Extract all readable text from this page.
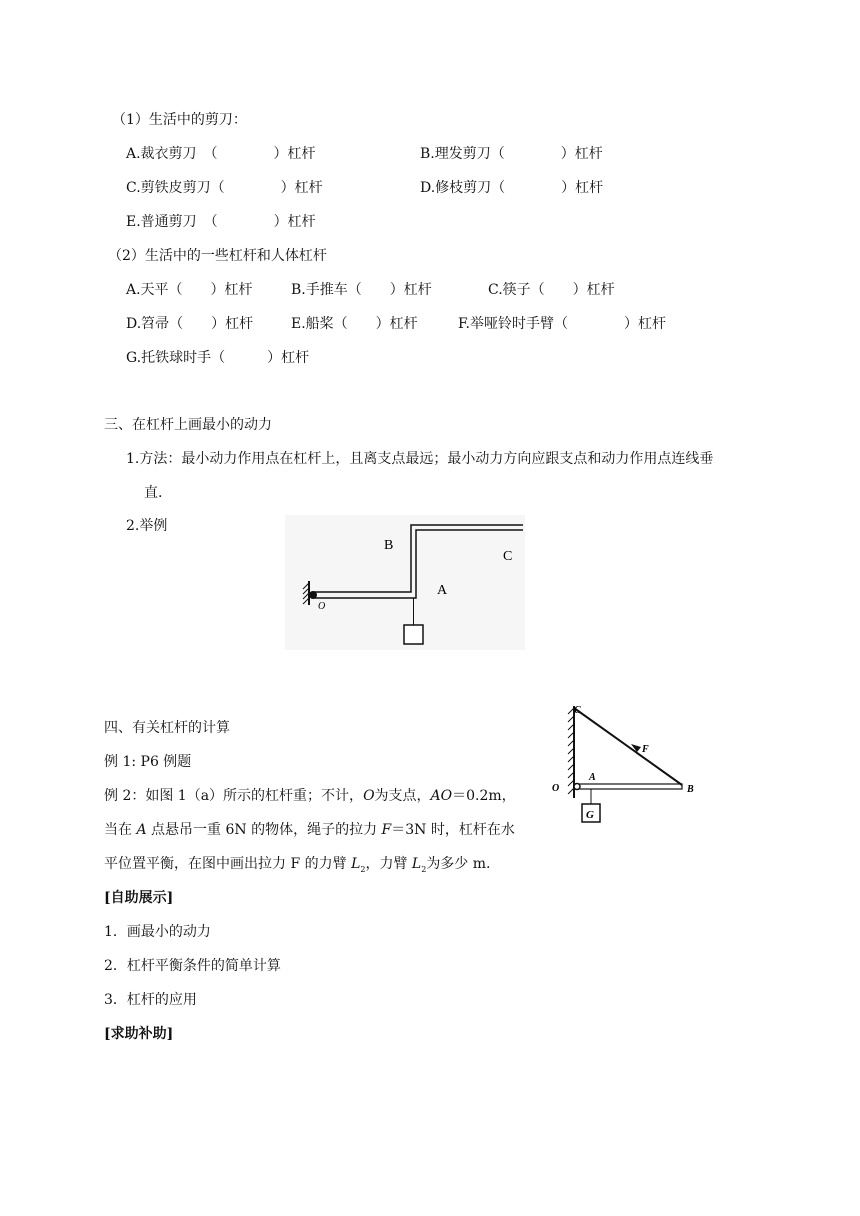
（1）生活中的剪刀：
A.裁衣剪刀　（　　　　）杠杆	B.理发剪刀（　　　　）杠杆
C.剪铁皮剪刀（　　　　）杠杆	D.修枝剪刀（　　　　）杠杆
E.普通剪刀　（　　　　）杠杆
（2）生活中的一些杠杆和人体杠杆
A.天平（　　）杠杆	B.手推车（　　）杠杆	C.筷子（　　）杠杆
D.笤帚（　　）杠杆	E.船桨（　　）杠杆	F.举哑铃时手臂（　　　　）杠杆
G.托铁球时手（　　　）杠杆
三、在杠杆上画最小的动力
1.方法：最小动力作用点在杠杆上，且离支点最远；最小动力方向应跟支点和动力作用点连线垂
直.
2.举例
B
C
A
O
四、有关杠杆的计算
例 1: P6 例题
例 2：如图 1（a）所示的杠杆重；不计，O为支点，AO＝0.2m，
当在 A 点悬吊一重 6N 的物体，绳子的拉力 F＝3N 时，杠杆在水
平位置平衡，在图中画出拉力 F 的力臂 $L_2$，力臂 $L_2$为多少 m.
C
F
A
O	B
G
[自助展示]
1．画最小的动力
2．杠杆平衡条件的简单计算
3．杠杆的应用
[求助补助]
